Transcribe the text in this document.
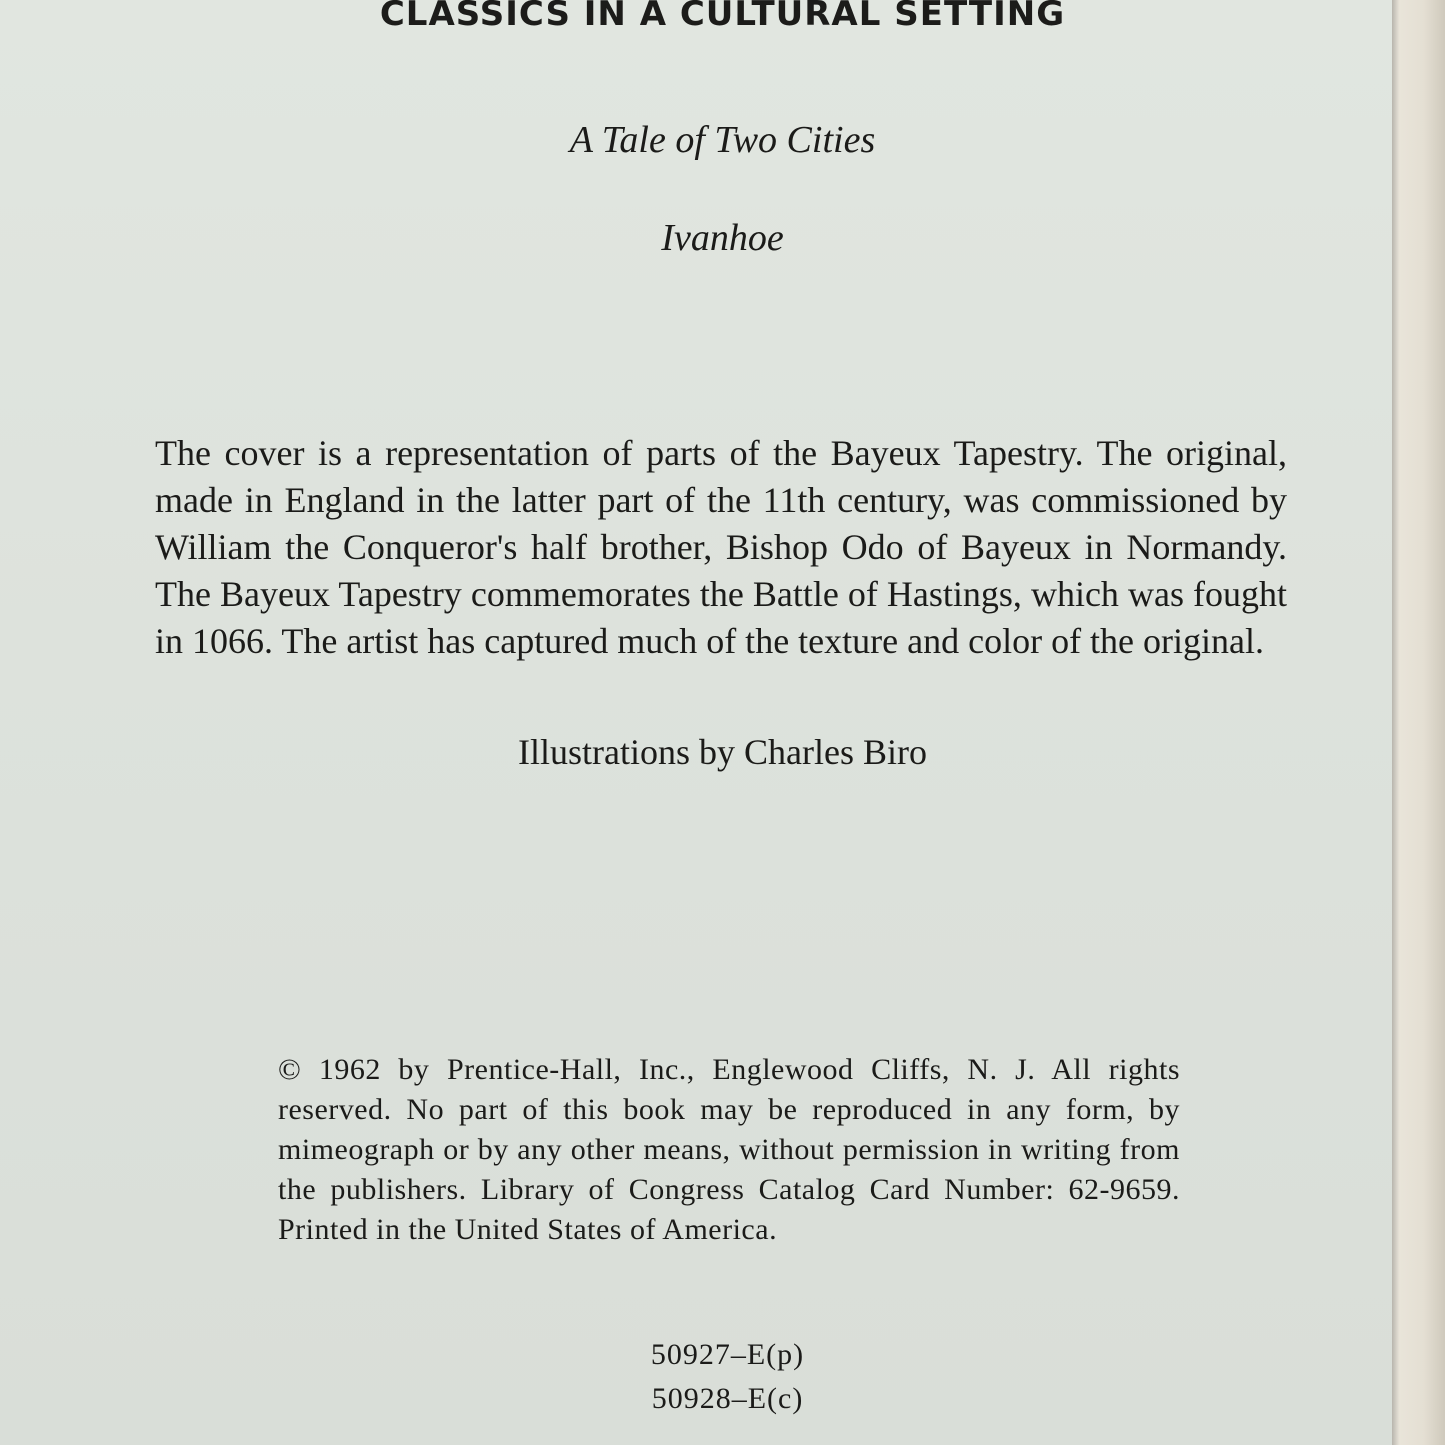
CLASSICS IN A CULTURAL SETTING

A Tale of Two Cities

Ivanhoe

The cover is a representation of parts of the Bayeux Tapestry. The original, made in England in the latter part of the 11th century, was commissioned by William the Conqueror's half brother, Bishop Odo of Bayeux in Normandy. The Bayeux Tapestry commemorates the Battle of Hastings, which was fought in 1066. The artist has captured much of the texture and color of the original.

Illustrations by Charles Biro

© 1962 by Prentice-Hall, Inc., Englewood Cliffs, N. J. All rights reserved. No part of this book may be reproduced in any form, by mimeograph or by any other means, without permission in writing from the publishers. Library of Congress Catalog Card Number: 62-9659. Printed in the United States of America.

50927–E(p)
50928–E(c)
